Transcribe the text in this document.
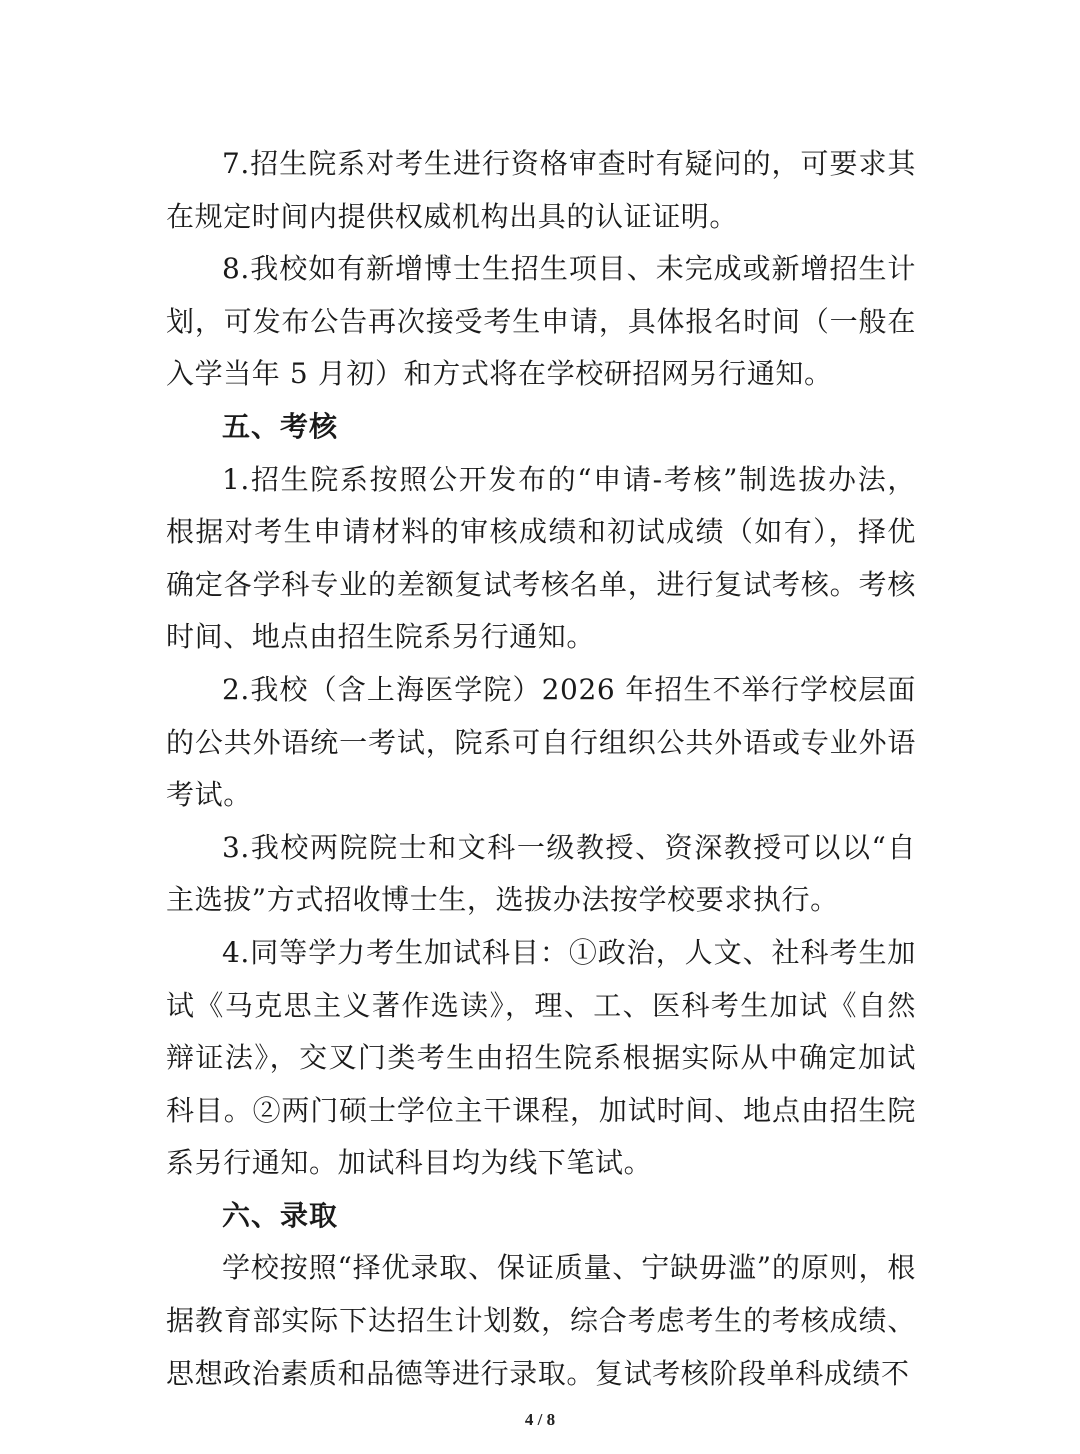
7.招生院系对考生进行资格审查时有疑问的，可要求其在规定时间内提供权威机构出具的认证证明。

8.我校如有新增博士生招生项目、未完成或新增招生计划，可发布公告再次接受考生申请，具体报名时间（一般在入学当年 5 月初）和方式将在学校研招网另行通知。

五、考核

1.招生院系按照公开发布的“申请-考核”制选拔办法，根据对考生申请材料的审核成绩和初试成绩（如有），择优确定各学科专业的差额复试考核名单，进行复试考核。考核时间、地点由招生院系另行通知。

2.我校（含上海医学院）2026 年招生不举行学校层面的公共外语统一考试，院系可自行组织公共外语或专业外语考试。

3.我校两院院士和文科一级教授、资深教授可以以“自主选拔”方式招收博士生，选拔办法按学校要求执行。

4.同等学力考生加试科目：①政治，人文、社科考生加试《马克思主义著作选读》，理、工、医科考生加试《自然辩证法》，交叉门类考生由招生院系根据实际从中确定加试科目。②两门硕士学位主干课程，加试时间、地点由招生院系另行通知。加试科目均为线下笔试。

六、录取

学校按照“择优录取、保证质量、宁缺毋滥”的原则，根据教育部实际下达招生计划数，综合考虑考生的考核成绩、思想政治素质和品德等进行录取。复试考核阶段单科成绩不

4 / 8
